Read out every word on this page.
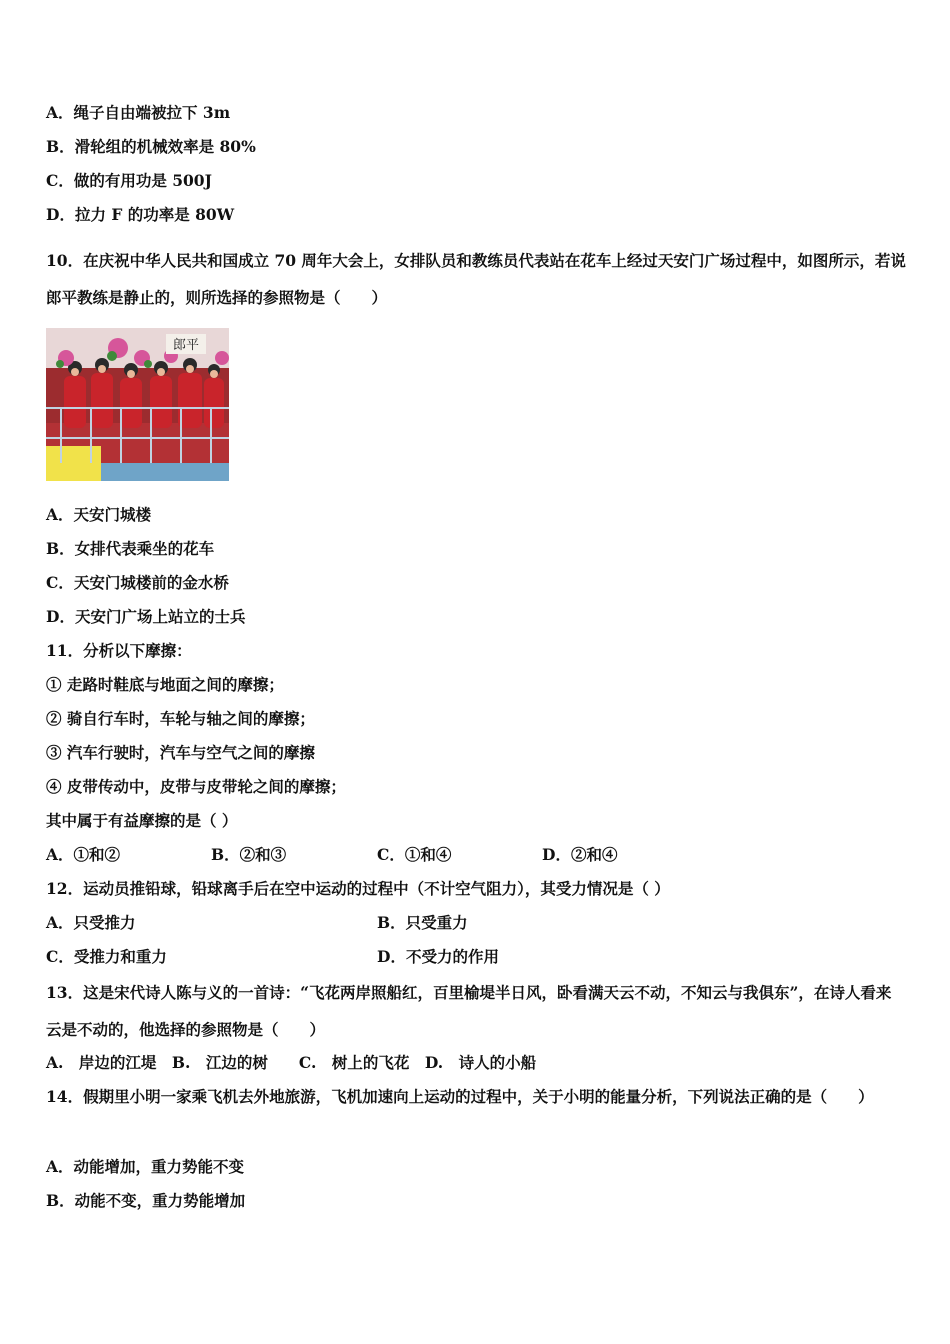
A．绳子自由端被拉下 3m
B．滑轮组的机械效率是 80%
C．做的有用功是 500J
D．拉力 F 的功率是 80W
10．在庆祝中华人民共和国成立 70 周年大会上，女排队员和教练员代表站在花车上经过天安门广场过程中，如图所示，若说郎平教练是静止的，则所选择的参照物是（　　）
郎平
A．天安门城楼
B．女排代表乘坐的花车
C．天安门城楼前的金水桥
D．天安门广场上站立的士兵
11．分析以下摩擦：
① 走路时鞋底与地面之间的摩擦；
② 骑自行车时，车轮与轴之间的摩擦；
③ 汽车行驶时，汽车与空气之间的摩擦
④ 皮带传动中，皮带与皮带轮之间的摩擦；
其中属于有益摩擦的是（ ）
A．①和②	B．②和③	C．①和④	D．②和④
12．运动员推铅球，铅球离手后在空中运动的过程中（不计空气阻力），其受力情况是（ ）
A．只受推力	B．只受重力
C．受推力和重力	D．不受力的作用
13．这是宋代诗人陈与义的一首诗：“飞花两岸照船红，百里榆堤半日风，卧看满天云不动，不知云与我俱东”，在诗人看来云是不动的，他选择的参照物是（　　）
A.　岸边的江堤　B.　江边的树　　C.　树上的飞花　D.　诗人的小船
14．假期里小明一家乘飞机去外地旅游，飞机加速向上运动的过程中，关于小明的能量分析，下列说法正确的是（　　）
A．动能增加，重力势能不变
B．动能不变，重力势能增加
